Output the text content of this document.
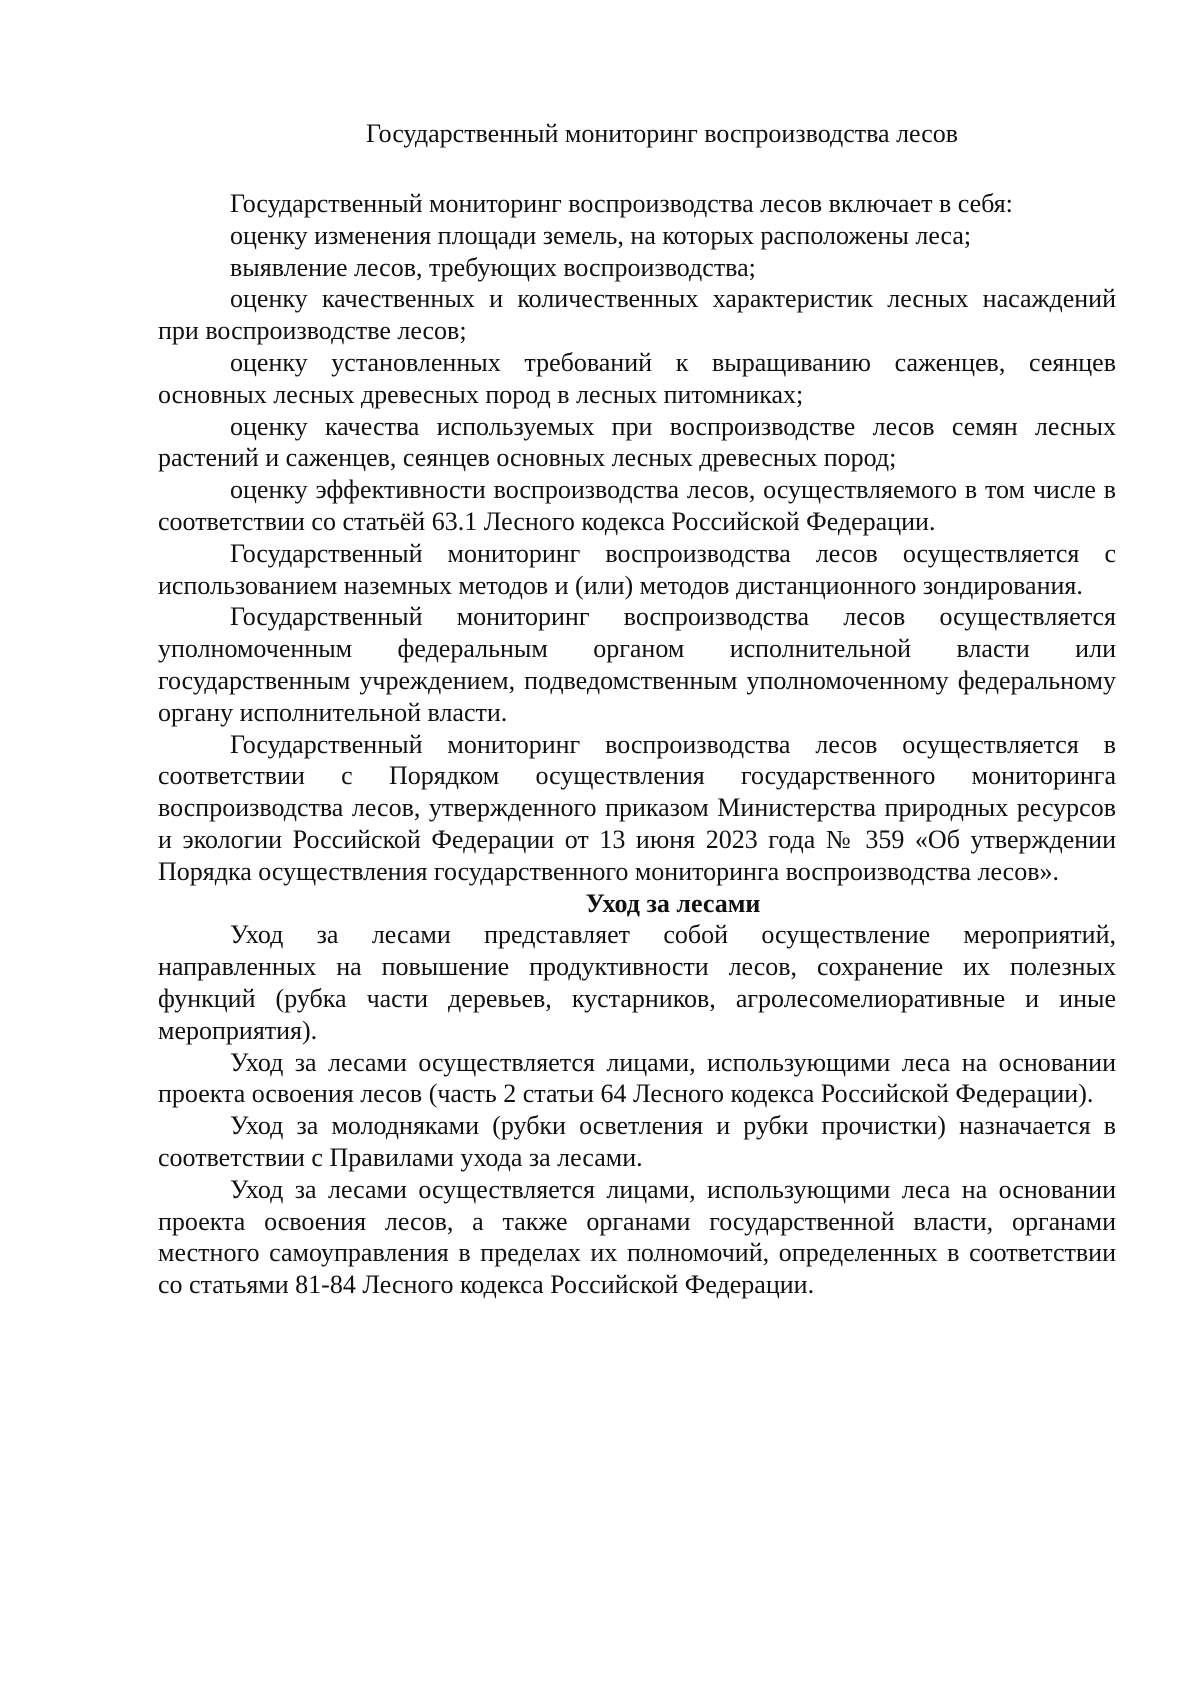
Государственный мониторинг воспроизводства лесов

Государственный мониторинг воспроизводства лесов включает в себя:

оценку изменения площади земель, на которых расположены леса;

выявление лесов, требующих воспроизводства;

оценку качественных и количественных характеристик лесных насаждений при воспроизводстве лесов;

оценку установленных требований к выращиванию саженцев, сеянцев основных лесных древесных пород в лесных питомниках;

оценку качества используемых при воспроизводстве лесов семян лесных растений и саженцев, сеянцев основных лесных древесных пород;

оценку эффективности воспроизводства лесов, осуществляемого в том числе в соответствии со статьёй 63.1 Лесного кодекса Российской Федерации.

Государственный мониторинг воспроизводства лесов осуществляется с использованием наземных методов и (или) методов дистанционного зондирования.

Государственный мониторинг воспроизводства лесов осуществляется уполномоченным федеральным органом исполнительной власти или государственным учреждением, подведомственным уполномоченному федеральному органу исполнительной власти.

Государственный мониторинг воспроизводства лесов осуществляется в соответствии с Порядком осуществления государственного мониторинга воспроизводства лесов, утвержденного приказом Министерства природных ресурсов и экологии Российской Федерации от 13 июня 2023 года № 359 «Об утверждении Порядка осуществления государственного мониторинга воспроизводства лесов».

Уход за лесами

Уход за лесами представляет собой осуществление мероприятий, направленных на повышение продуктивности лесов, сохранение их полезных функций (рубка части деревьев, кустарников, агролесомелиоративные и иные мероприятия).

Уход за лесами осуществляется лицами, использующими леса на основании проекта освоения лесов (часть 2 статьи 64 Лесного кодекса Российской Федерации).

Уход за молодняками (рубки осветления и рубки прочистки) назначается в соответствии с Правилами ухода за лесами.

Уход за лесами осуществляется лицами, использующими леса на основании проекта освоения лесов, а также органами государственной власти, органами местного самоуправления в пределах их полномочий, определенных в соответствии со статьями 81-84 Лесного кодекса Российской Федерации.
